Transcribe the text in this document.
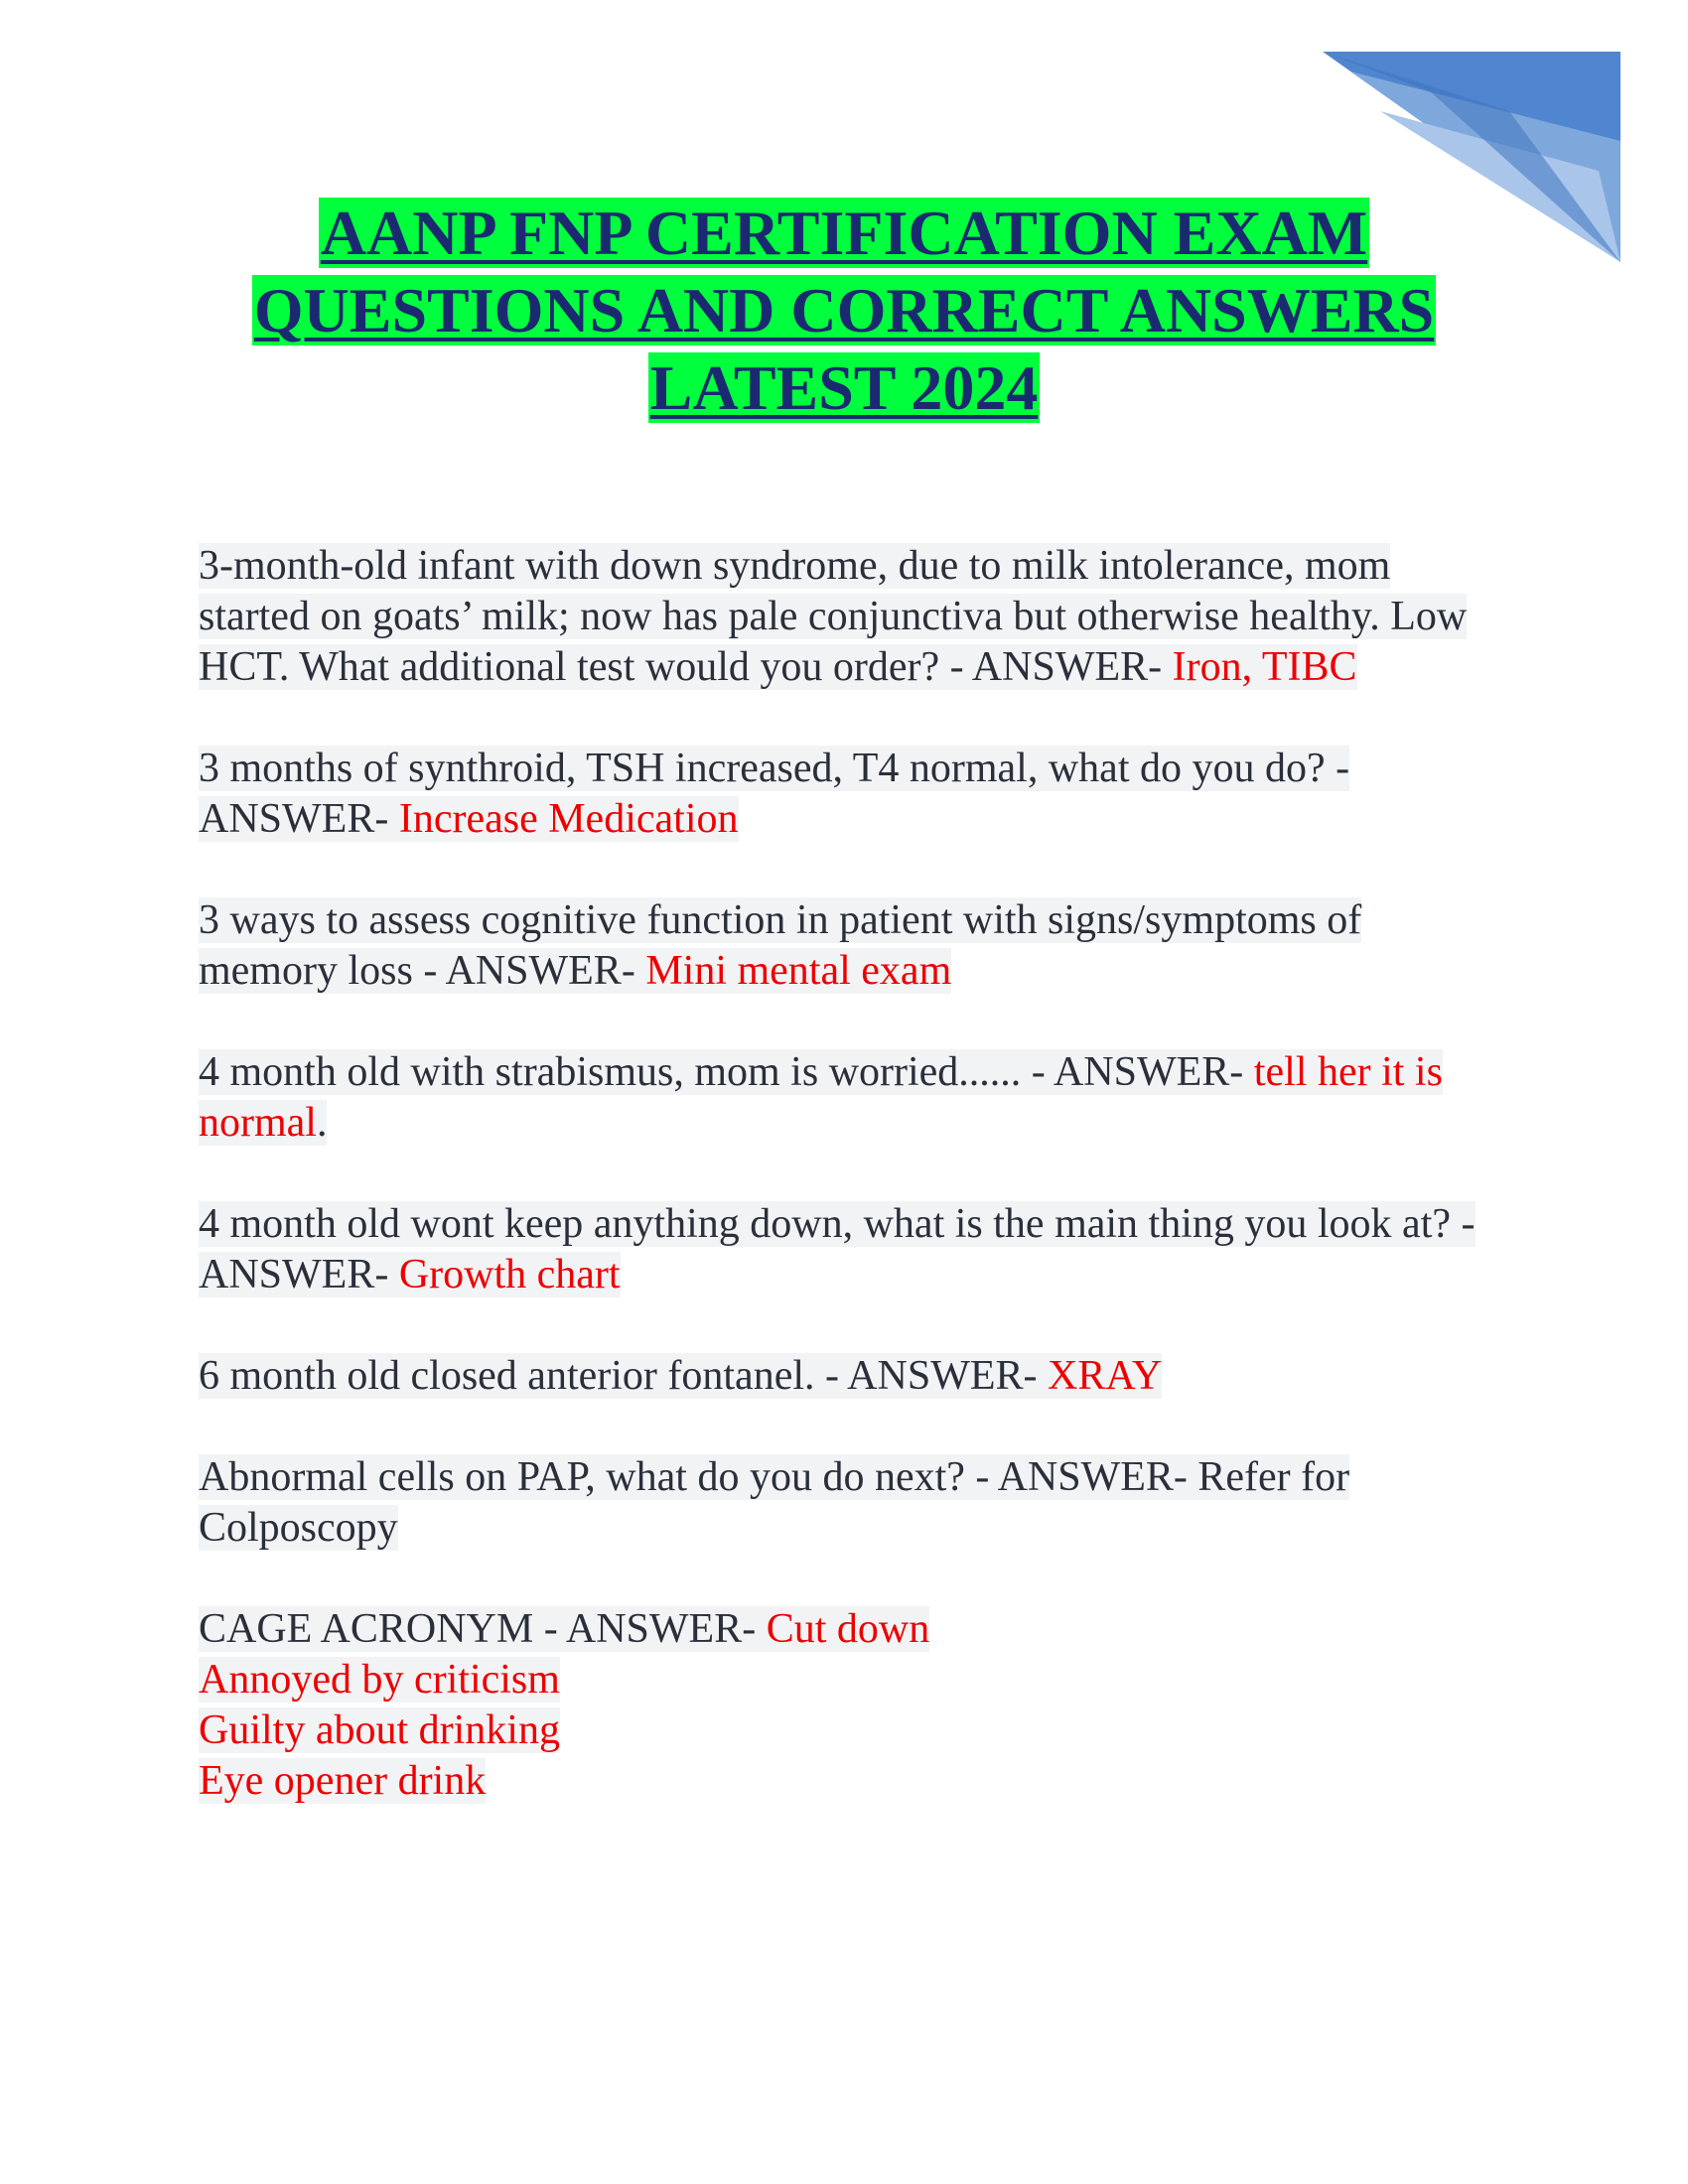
AANP FNP CERTIFICATION EXAM
QUESTIONS AND CORRECT ANSWERS
LATEST 2024

3-month-old infant with down syndrome, due to milk intolerance, mom started on goats’ milk; now has pale conjunctiva but otherwise healthy. Low HCT. What additional test would you order? - ANSWER- Iron, TIBC

3 months of synthroid, TSH increased, T4 normal, what do you do? - ANSWER- Increase Medication

3 ways to assess cognitive function in patient with signs/symptoms of memory loss - ANSWER- Mini mental exam

4 month old with strabismus, mom is worried...... - ANSWER- tell her it is normal.

4 month old wont keep anything down, what is the main thing you look at? - ANSWER- Growth chart

6 month old closed anterior fontanel. - ANSWER- XRAY

Abnormal cells on PAP, what do you do next? - ANSWER- Refer for Colposcopy

CAGE ACRONYM - ANSWER- Cut down
Annoyed by criticism
Guilty about drinking
Eye opener drink
